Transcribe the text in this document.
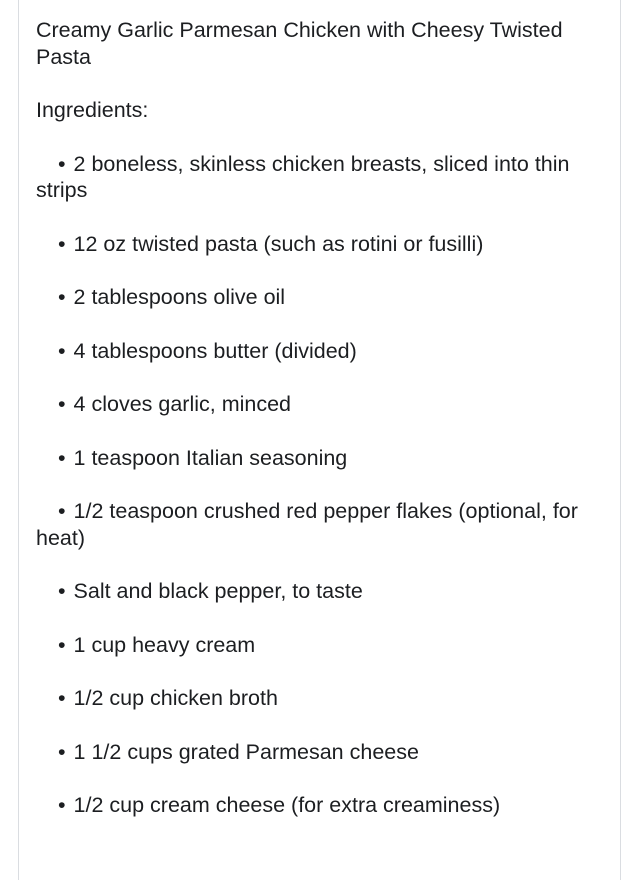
Creamy Garlic Parmesan Chicken with Cheesy Twisted Pasta
Ingredients:
• 2 boneless, skinless chicken breasts, sliced into thin strips
• 12 oz twisted pasta (such as rotini or fusilli)
• 2 tablespoons olive oil
• 4 tablespoons butter (divided)
• 4 cloves garlic, minced
• 1 teaspoon Italian seasoning
• 1/2 teaspoon crushed red pepper flakes (optional, for heat)
• Salt and black pepper, to taste
• 1 cup heavy cream
• 1/2 cup chicken broth
• 1 1/2 cups grated Parmesan cheese
• 1/2 cup cream cheese (for extra creaminess)
